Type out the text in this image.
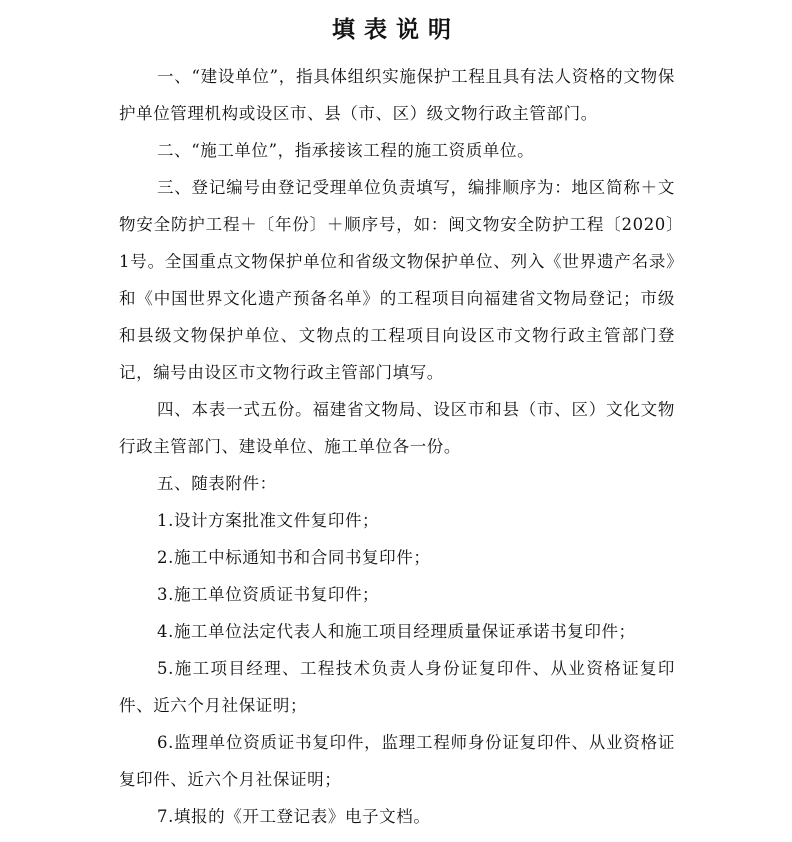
填表说明

一、“建设单位”，指具体组织实施保护工程且具有法人资格的文物保护单位管理机构或设区市、县（市、区）级文物行政主管部门。

二、“施工单位”，指承接该工程的施工资质单位。

三、登记编号由登记受理单位负责填写，编排顺序为：地区简称＋文物安全防护工程＋〔年份〕＋顺序号，如：闽文物安全防护工程〔2020〕1号。全国重点文物保护单位和省级文物保护单位、列入《世界遗产名录》和《中国世界文化遗产预备名单》的工程项目向福建省文物局登记；市级和县级文物保护单位、文物点的工程项目向设区市文物行政主管部门登记，编号由设区市文物行政主管部门填写。

四、本表一式五份。福建省文物局、设区市和县（市、区）文化文物行政主管部门、建设单位、施工单位各一份。

五、随表附件：

1.设计方案批准文件复印件；

2.施工中标通知书和合同书复印件；

3.施工单位资质证书复印件；

4.施工单位法定代表人和施工项目经理质量保证承诺书复印件；

5.施工项目经理、工程技术负责人身份证复印件、从业资格证复印件、近六个月社保证明；

6.监理单位资质证书复印件，监理工程师身份证复印件、从业资格证复印件、近六个月社保证明；

7.填报的《开工登记表》电子文档。
